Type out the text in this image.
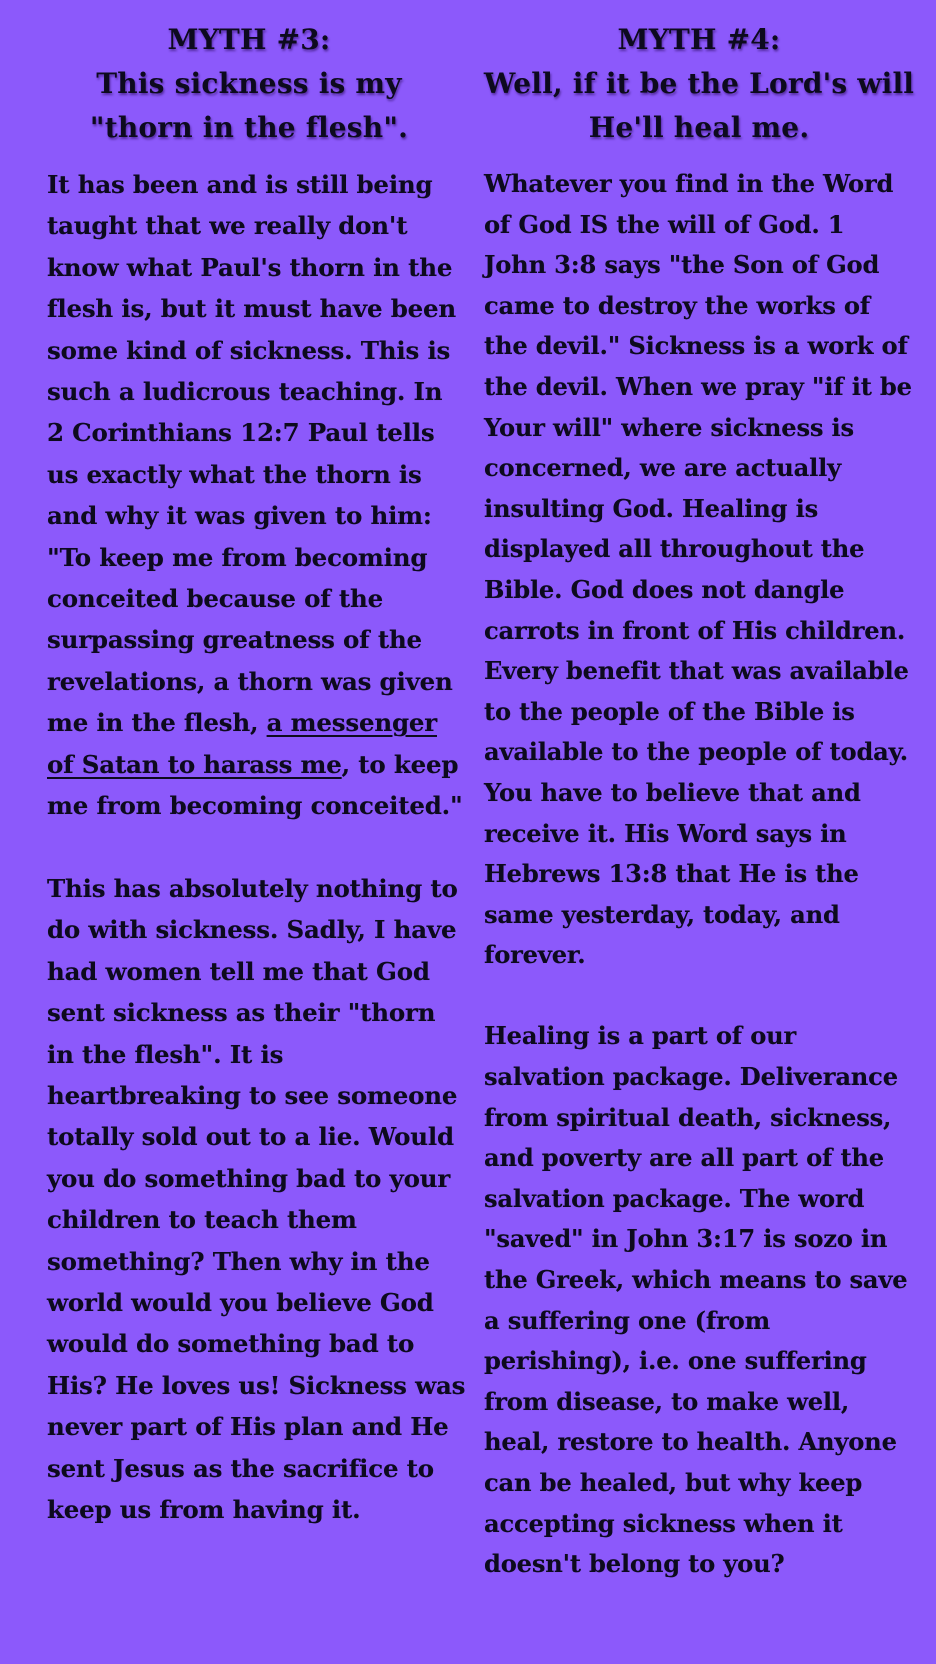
MYTH #3:
This sickness is my
"thorn in the flesh".

It has been and is still being taught that we really don't know what Paul's thorn in the flesh is, but it must have been some kind of sickness. This is such a ludicrous teaching. In 2 Corinthians 12:7 Paul tells us exactly what the thorn is and why it was given to him: "To keep me from becoming conceited because of the surpassing greatness of the revelations, a thorn was given me in the flesh, a messenger of Satan to harass me, to keep me from becoming conceited."

This has absolutely nothing to do with sickness. Sadly, I have had women tell me that God sent sickness as their "thorn in the flesh". It is heartbreaking to see someone totally sold out to a lie. Would you do something bad to your children to teach them something? Then why in the world would you believe God would do something bad to His? He loves us! Sickness was never part of His plan and He sent Jesus as the sacrifice to keep us from having it.

MYTH #4:
Well, if it be the Lord's will
He'll heal me.

Whatever you find in the Word of God IS the will of God. 1 John 3:8 says "the Son of God came to destroy the works of the devil." Sickness is a work of the devil. When we pray "if it be Your will" where sickness is concerned, we are actually insulting God. Healing is displayed all throughout the Bible. God does not dangle carrots in front of His children. Every benefit that was available to the people of the Bible is available to the people of today. You have to believe that and receive it. His Word says in Hebrews 13:8 that He is the same yesterday, today, and forever.

Healing is a part of our salvation package. Deliverance from spiritual death, sickness, and poverty are all part of the salvation package. The word "saved" in John 3:17 is sozo in the Greek, which means to save a suffering one (from perishing), i.e. one suffering from disease, to make well, heal, restore to health. Anyone can be healed, but why keep accepting sickness when it doesn't belong to you?
